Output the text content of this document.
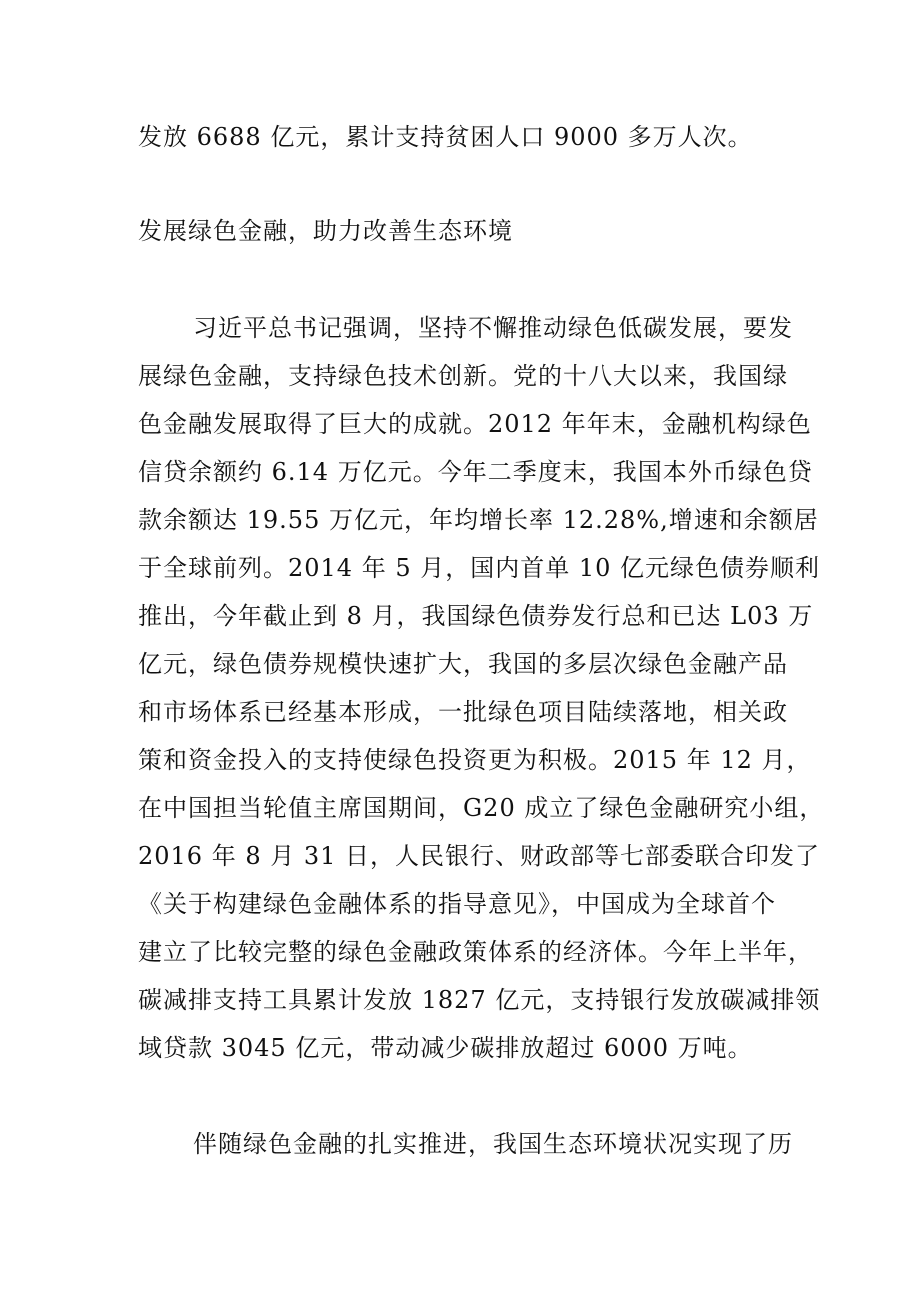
发放 6688 亿元，累计支持贫困人口 9000 多万人次。
发展绿色金融，助力改善生态环境
习近平总书记强调，坚持不懈推动绿色低碳发展，要发
展绿色金融，支持绿色技术创新。党的十八大以来，我国绿
色金融发展取得了巨大的成就。2012 年年末，金融机构绿色
信贷余额约 6.14 万亿元。今年二季度末，我国本外币绿色贷
款余额达 19.55 万亿元，年均增长率 12.28%,增速和余额居
于全球前列。2014 年 5 月，国内首单 10 亿元绿色债券顺利
推出，今年截止到 8 月，我国绿色债券发行总和已达 L03 万
亿元，绿色债券规模快速扩大，我国的多层次绿色金融产品
和市场体系已经基本形成，一批绿色项目陆续落地，相关政
策和资金投入的支持使绿色投资更为积极。2015 年 12 月，
在中国担当轮值主席国期间，G20 成立了绿色金融研究小组，
2016 年 8 月 31 日，人民银行、财政部等七部委联合印发了
《关于构建绿色金融体系的指导意见》，中国成为全球首个
建立了比较完整的绿色金融政策体系的经济体。今年上半年，
碳减排支持工具累计发放 1827 亿元，支持银行发放碳减排领
域贷款 3045 亿元，带动减少碳排放超过 6000 万吨。
伴随绿色金融的扎实推进，我国生态环境状况实现了历
